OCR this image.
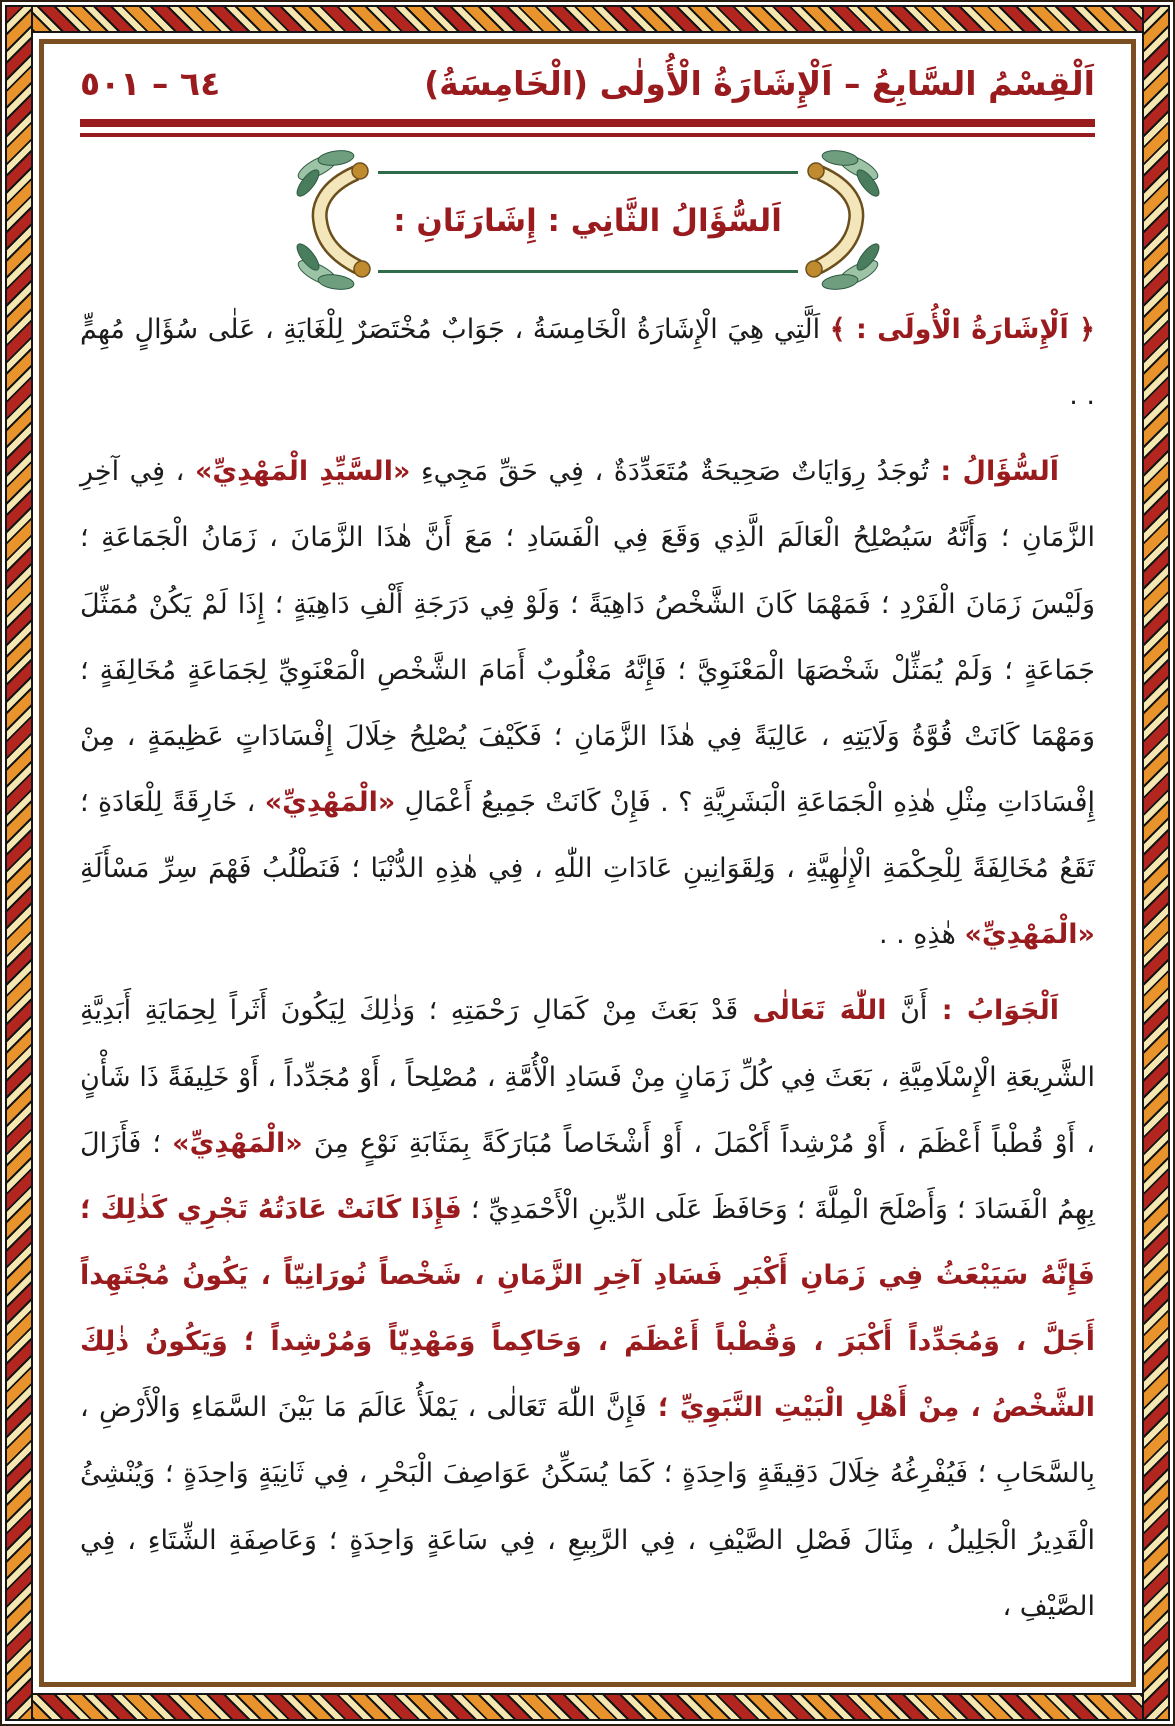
اَلْقِسْمُ السَّابِعُ – اَلْإِشَارَةُ الْأُولٰى (الْخَامِسَةُ)
٦٤ – ٥٠١
اَلسُّؤَالُ الثَّانِي : إِشَارَتَانِ :

﴿ اَلْإِشَارَةُ الْأُولَى : ﴾ اَلَّتِي هِيَ الْإِشَارَةُ الْخَامِسَةُ ، جَوَابٌ مُخْتَصَرٌ لِلْغَايَةِ ، عَلٰى سُؤَالٍ مُهِمٍّ . .

اَلسُّؤَالُ : تُوجَدُ رِوَايَاتٌ صَحِيحَةٌ مُتَعَدِّدَةٌ ، فِي حَقِّ مَجِيءِ «السَّيِّدِ الْمَهْدِيِّ» ، فِي آخِرِ الزَّمَانِ ؛ وَأَنَّهُ سَيُصْلِحُ الْعَالَمَ الَّذِي وَقَعَ فِي الْفَسَادِ ؛ مَعَ أَنَّ هٰذَا الزَّمَانَ ، زَمَانُ الْجَمَاعَةِ ؛ وَلَيْسَ زَمَانَ الْفَرْدِ ؛ فَمَهْمَا كَانَ الشَّخْصُ دَاهِيَةً ؛ وَلَوْ فِي دَرَجَةِ أَلْفِ دَاهِيَةٍ ؛ إِذَا لَمْ يَكُنْ مُمَثِّلَ جَمَاعَةٍ ؛ وَلَمْ يُمَثِّلْ شَخْصَهَا الْمَعْنَوِيَّ ؛ فَإِنَّهُ مَغْلُوبٌ أَمَامَ الشَّخْصِ الْمَعْنَوِيِّ لِجَمَاعَةٍ مُخَالِفَةٍ ؛ وَمَهْمَا كَانَتْ قُوَّةُ وَلَايَتِهِ ، عَالِيَةً فِي هٰذَا الزَّمَانِ ؛ فَكَيْفَ يُصْلِحُ خِلَالَ إِفْسَادَاتٍ عَظِيمَةٍ ، مِنْ إِفْسَادَاتِ مِثْلِ هٰذِهِ الْجَمَاعَةِ الْبَشَرِيَّةِ ؟ . فَإِنْ كَانَتْ جَمِيعُ أَعْمَالِ «الْمَهْدِيِّ» ، خَارِقَةً لِلْعَادَةِ ؛ تَقَعُ مُخَالِفَةً لِلْحِكْمَةِ الْإِلٰهِيَّةِ ، وَلِقَوَانِينِ عَادَاتِ اللّٰهِ ، فِي هٰذِهِ الدُّنْيَا ؛ فَنَطْلُبُ فَهْمَ سِرِّ مَسْأَلَةِ «الْمَهْدِيِّ» هٰذِهِ . .

اَلْجَوَابُ : أَنَّ اللّٰهَ تَعَالٰى قَدْ بَعَثَ مِنْ كَمَالِ رَحْمَتِهِ ؛ وَذٰلِكَ لِيَكُونَ أَثَراً لِحِمَايَةِ أَبَدِيَّةِ الشَّرِيعَةِ الْإِسْلَامِيَّةِ ، بَعَثَ فِي كُلِّ زَمَانٍ مِنْ فَسَادِ الْأُمَّةِ ، مُصْلِحاً ، أَوْ مُجَدِّداً ، أَوْ خَلِيفَةً ذَا شَأْنٍ ، أَوْ قُطْباً أَعْظَمَ ، أَوْ مُرْشِداً أَكْمَلَ ، أَوْ أَشْخَاصاً مُبَارَكَةً بِمَثَابَةِ نَوْعٍ مِنَ «الْمَهْدِيِّ» ؛ فَأَزَالَ بِهِمُ الْفَسَادَ ؛ وَأَصْلَحَ الْمِلَّةَ ؛ وَحَافَظَ عَلَى الدِّينِ الْأَحْمَدِيِّ ؛ فَإِذَا كَانَتْ عَادَتُهُ تَجْرِي كَذٰلِكَ ؛ فَإِنَّهُ سَيَبْعَثُ فِي زَمَانِ أَكْبَرِ فَسَادِ آخِرِ الزَّمَانِ ، شَخْصاً نُورَانِيّاً ، يَكُونُ مُجْتَهِداً أَجَلَّ ، وَمُجَدِّداً أَكْبَرَ ، وَقُطْباً أَعْظَمَ ، وَحَاكِماً وَمَهْدِيّاً وَمُرْشِداً ؛ وَيَكُونُ ذٰلِكَ الشَّخْصُ ، مِنْ أَهْلِ الْبَيْتِ النَّبَوِيِّ ؛ فَإِنَّ اللّٰهَ تَعَالٰى ، يَمْلَأُ عَالَمَ مَا بَيْنَ السَّمَاءِ وَالْأَرْضِ ، بِالسَّحَابِ ؛ فَيُفْرِغُهُ خِلَالَ دَقِيقَةٍ وَاحِدَةٍ ؛ كَمَا يُسَكِّنُ عَوَاصِفَ الْبَحْرِ ، فِي ثَانِيَةٍ وَاحِدَةٍ ؛ وَيُنْشِئُ الْقَدِيرُ الْجَلِيلُ ، مِثَالَ فَصْلِ الصَّيْفِ ، فِي الرَّبِيعِ ، فِي سَاعَةٍ وَاحِدَةٍ ؛ وَعَاصِفَةِ الشِّتَاءِ ، فِي الصَّيْفِ ،
